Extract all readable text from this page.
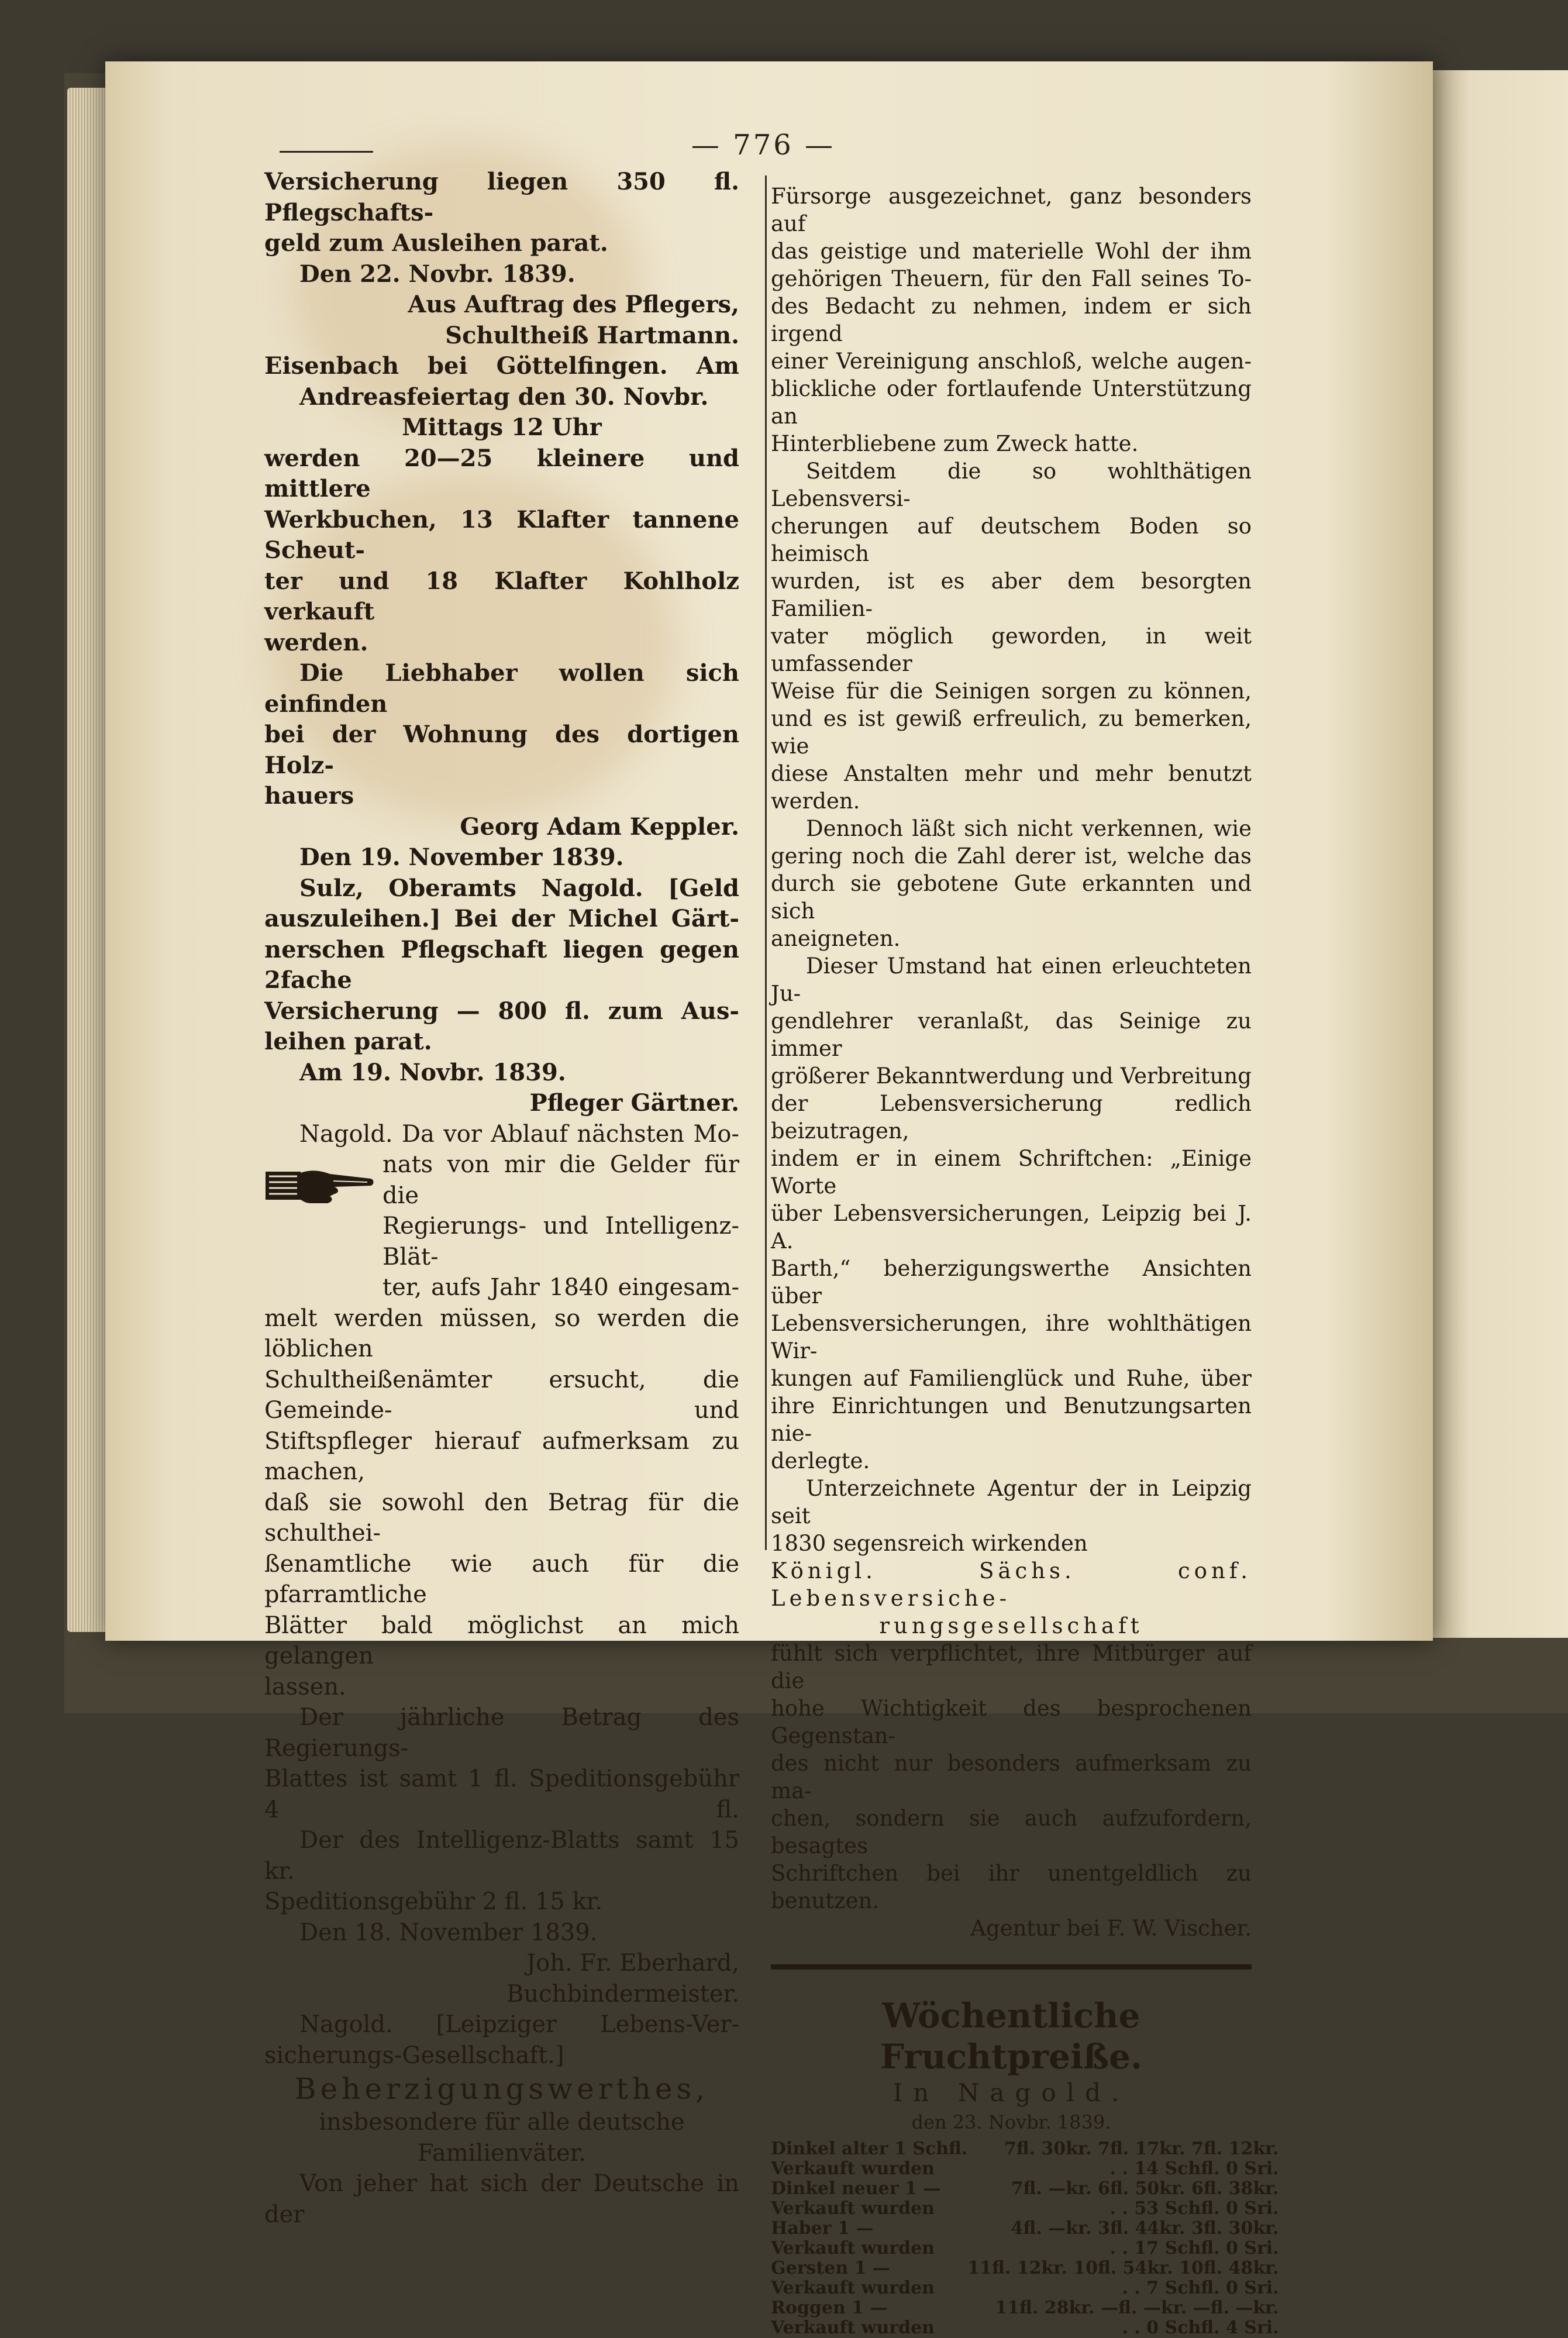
— 776 —

Versicherung liegen 350 fl. Pflegschafts-

geld zum Ausleihen parat.

Den 22. Novbr. 1839.

Aus Auftrag des Pflegers,

Schultheiß Hartmann.

Eisenbach bei Göttelfingen. Am

Andreasfeiertag den 30. Novbr.

Mittags 12 Uhr

werden 20—25 kleinere und mittlere

Werkbuchen, 13 Klafter tannene Scheut-

ter und 18 Klafter Kohlholz verkauft

werden.

Die Liebhaber wollen sich einfinden

bei der Wohnung des dortigen Holz-

hauers

Georg Adam Keppler.

Den 19. November 1839.

Sulz, Oberamts Nagold. [Geld

auszuleihen.] Bei der Michel Gärt-

nerschen Pflegschaft liegen gegen 2fache

Versicherung — 800 fl. zum Aus-

leihen parat.

Am 19. Novbr. 1839.

Pfleger Gärtner.

Nagold. Da vor Ablauf nächsten Mo-

nats von mir die Gelder für die

Regierungs- und Intelligenz-Blät-

ter, aufs Jahr 1840 eingesam-

melt werden müssen, so werden die löblichen

Schultheißenämter ersucht, die Gemeinde- und

Stiftspfleger hierauf aufmerksam zu machen,

daß sie sowohl den Betrag für die schulthei-

ßenamtliche wie auch für die pfarramtliche

Blätter bald möglichst an mich gelangen

lassen.

Der jährliche Betrag des Regierungs-

Blattes ist samt 1 fl. Speditionsgebühr 4 fl.

Der des Intelligenz-Blatts samt 15 kr.

Speditionsgebühr 2 fl. 15 kr.

Den 18. November 1839.

Joh. Fr. Eberhard,

Buchbindermeister.

Nagold. [Leipziger Lebens-Ver-

sicherungs-Gesellschaft.]

Beherzigungswerthes,

insbesondere für alle deutsche Familienväter.

Von jeher hat sich der Deutsche in der

Fürsorge ausgezeichnet, ganz besonders auf

das geistige und materielle Wohl der ihm

gehörigen Theuern, für den Fall seines To-

des Bedacht zu nehmen, indem er sich irgend

einer Vereinigung anschloß, welche augen-

blickliche oder fortlaufende Unterstützung an

Hinterbliebene zum Zweck hatte.

Seitdem die so wohlthätigen Lebensversi-

cherungen auf deutschem Boden so heimisch

wurden, ist es aber dem besorgten Familien-

vater möglich geworden, in weit umfassender

Weise für die Seinigen sorgen zu können,

und es ist gewiß erfreulich, zu bemerken, wie

diese Anstalten mehr und mehr benutzt werden.

Dennoch läßt sich nicht verkennen, wie

gering noch die Zahl derer ist, welche das

durch sie gebotene Gute erkannten und sich

aneigneten.

Dieser Umstand hat einen erleuchteten Ju-

gendlehrer veranlaßt, das Seinige zu immer

größerer Bekanntwerdung und Verbreitung

der Lebensversicherung redlich beizutragen,

indem er in einem Schriftchen: „Einige Worte

über Lebensversicherungen, Leipzig bei J. A.

Barth,“ beherzigungswerthe Ansichten über

Lebensversicherungen, ihre wohlthätigen Wir-

kungen auf Familienglück und Ruhe, über

ihre Einrichtungen und Benutzungsarten nie-

derlegte.

Unterzeichnete Agentur der in Leipzig seit

1830 segensreich wirkenden

Königl. Sächs. conf. Lebensversiche-

rungsgesellschaft

fühlt sich verpflichtet, ihre Mitbürger auf die

hohe Wichtigkeit des besprochenen Gegenstan-

des nicht nur besonders aufmerksam zu ma-

chen, sondern sie auch aufzufordern, besagtes

Schriftchen bei ihr unentgeldlich zu benutzen.

Agentur bei F. W. Vischer.

Wöchentliche Fruchtpreiße.

In Nagold.

den 23. Novbr. 1839.

Dinkel alter 1 Schfl.	7fl. 30kr. 7fl. 17kr. 7fl. 12kr.
Verkauft wurden	. . 14 Schfl. 0 Sri.
Dinkel neuer 1 —	7fl. —kr. 6fl. 50kr. 6fl. 38kr.
Verkauft wurden	. . 53 Schfl. 0 Sri.
Haber 1 —	4fl. —kr. 3fl. 44kr. 3fl. 30kr.
Verkauft wurden	. . 17 Schfl. 0 Sri.
Gersten 1 —	11fl. 12kr. 10fl. 54kr. 10fl. 48kr.
Verkauft wurden	. . 7 Schfl. 0 Sri.
Roggen 1 —	11fl. 28kr. —fl. —kr. —fl. —kr.
Verkauft wurden	. . 0 Schfl. 4 Sri.
